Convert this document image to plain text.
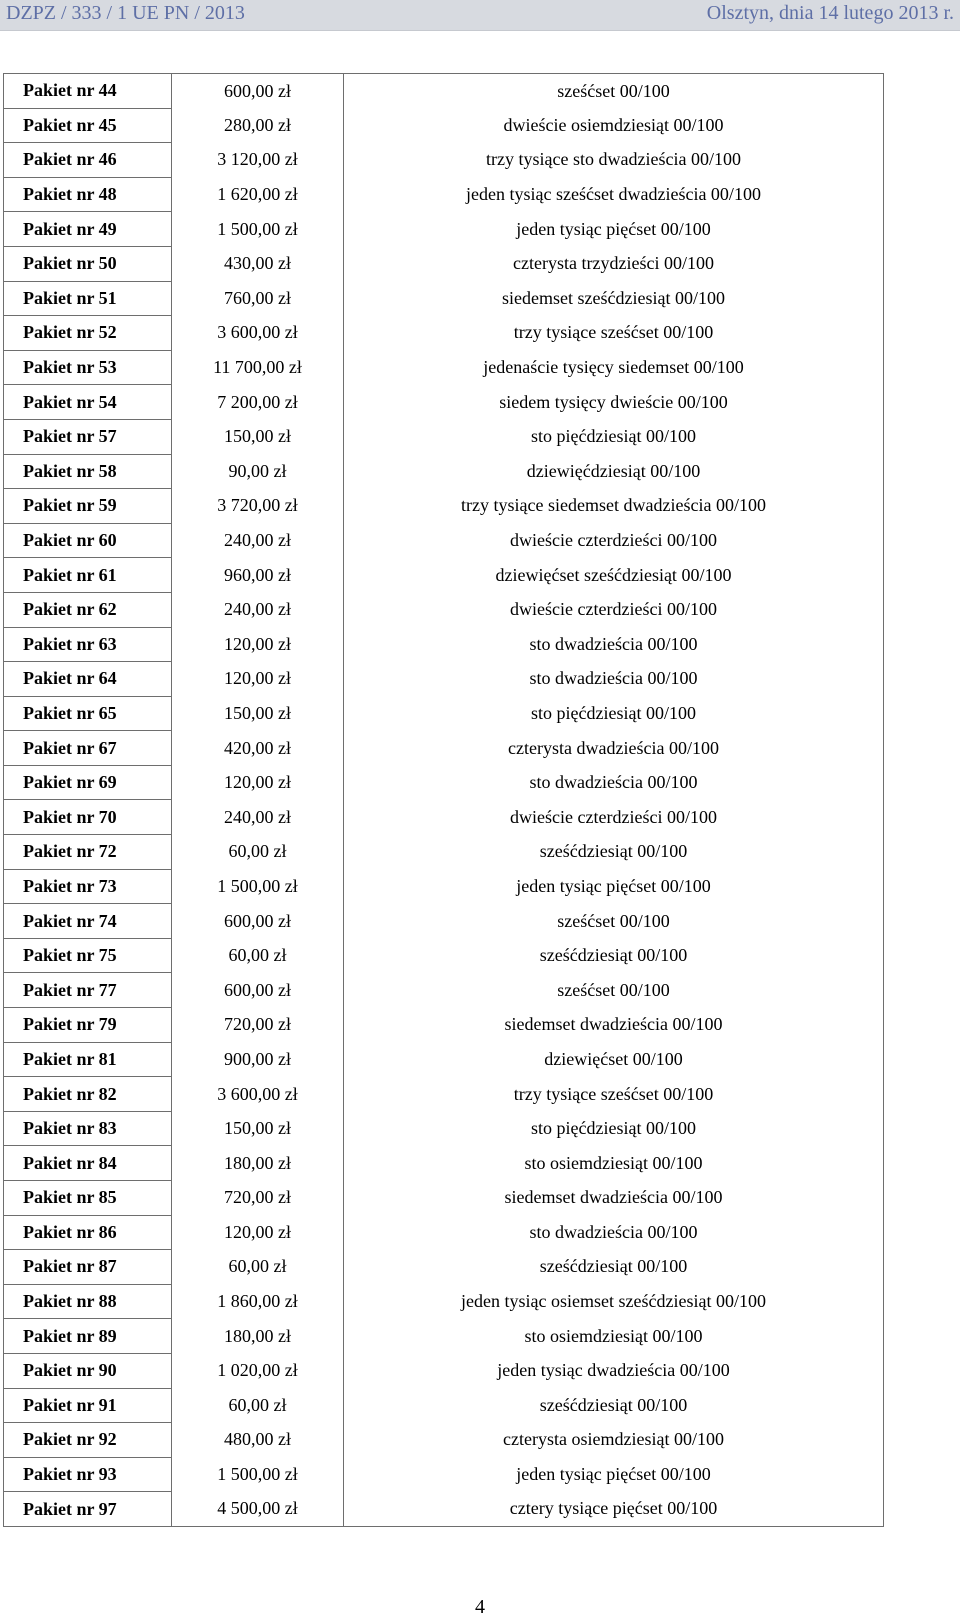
DZPZ / 333 / 1 UE PN / 2013	Olsztyn, dnia 14 lutego 2013 r.
Pakiet nr 44	600,00 zł	sześćset 00/100
Pakiet nr 45	280,00 zł	dwieście osiemdziesiąt 00/100
Pakiet nr 46	3 120,00 zł	trzy tysiące sto dwadzieścia 00/100
Pakiet nr 48	1 620,00 zł	jeden tysiąc sześćset dwadzieścia 00/100
Pakiet nr 49	1 500,00 zł	jeden tysiąc pięćset 00/100
Pakiet nr 50	430,00 zł	czterysta trzydzieści 00/100
Pakiet nr 51	760,00 zł	siedemset sześćdziesiąt 00/100
Pakiet nr 52	3 600,00 zł	trzy tysiące sześćset 00/100
Pakiet nr 53	11 700,00 zł	jedenaście tysięcy siedemset 00/100
Pakiet nr 54	7 200,00 zł	siedem tysięcy dwieście 00/100
Pakiet nr 57	150,00 zł	sto pięćdziesiąt 00/100
Pakiet nr 58	90,00 zł	dziewięćdziesiąt 00/100
Pakiet nr 59	3 720,00 zł	trzy tysiące siedemset dwadzieścia 00/100
Pakiet nr 60	240,00 zł	dwieście czterdzieści 00/100
Pakiet nr 61	960,00 zł	dziewięćset sześćdziesiąt 00/100
Pakiet nr 62	240,00 zł	dwieście czterdzieści 00/100
Pakiet nr 63	120,00 zł	sto dwadzieścia 00/100
Pakiet nr 64	120,00 zł	sto dwadzieścia 00/100
Pakiet nr 65	150,00 zł	sto pięćdziesiąt 00/100
Pakiet nr 67	420,00 zł	czterysta dwadzieścia 00/100
Pakiet nr 69	120,00 zł	sto dwadzieścia 00/100
Pakiet nr 70	240,00 zł	dwieście czterdzieści 00/100
Pakiet nr 72	60,00 zł	sześćdziesiąt 00/100
Pakiet nr 73	1 500,00 zł	jeden tysiąc pięćset 00/100
Pakiet nr 74	600,00 zł	sześćset 00/100
Pakiet nr 75	60,00 zł	sześćdziesiąt 00/100
Pakiet nr 77	600,00 zł	sześćset 00/100
Pakiet nr 79	720,00 zł	siedemset dwadzieścia 00/100
Pakiet nr 81	900,00 zł	dziewięćset 00/100
Pakiet nr 82	3 600,00 zł	trzy tysiące sześćset 00/100
Pakiet nr 83	150,00 zł	sto pięćdziesiąt 00/100
Pakiet nr 84	180,00 zł	sto osiemdziesiąt 00/100
Pakiet nr 85	720,00 zł	siedemset dwadzieścia 00/100
Pakiet nr 86	120,00 zł	sto dwadzieścia 00/100
Pakiet nr 87	60,00 zł	sześćdziesiąt 00/100
Pakiet nr 88	1 860,00 zł	jeden tysiąc osiemset sześćdziesiąt 00/100
Pakiet nr 89	180,00 zł	sto osiemdziesiąt 00/100
Pakiet nr 90	1 020,00 zł	jeden tysiąc dwadzieścia 00/100
Pakiet nr 91	60,00 zł	sześćdziesiąt 00/100
Pakiet nr 92	480,00 zł	czterysta osiemdziesiąt 00/100
Pakiet nr 93	1 500,00 zł	jeden tysiąc pięćset 00/100
Pakiet nr 97	4 500,00 zł	cztery tysiące pięćset 00/100
4
